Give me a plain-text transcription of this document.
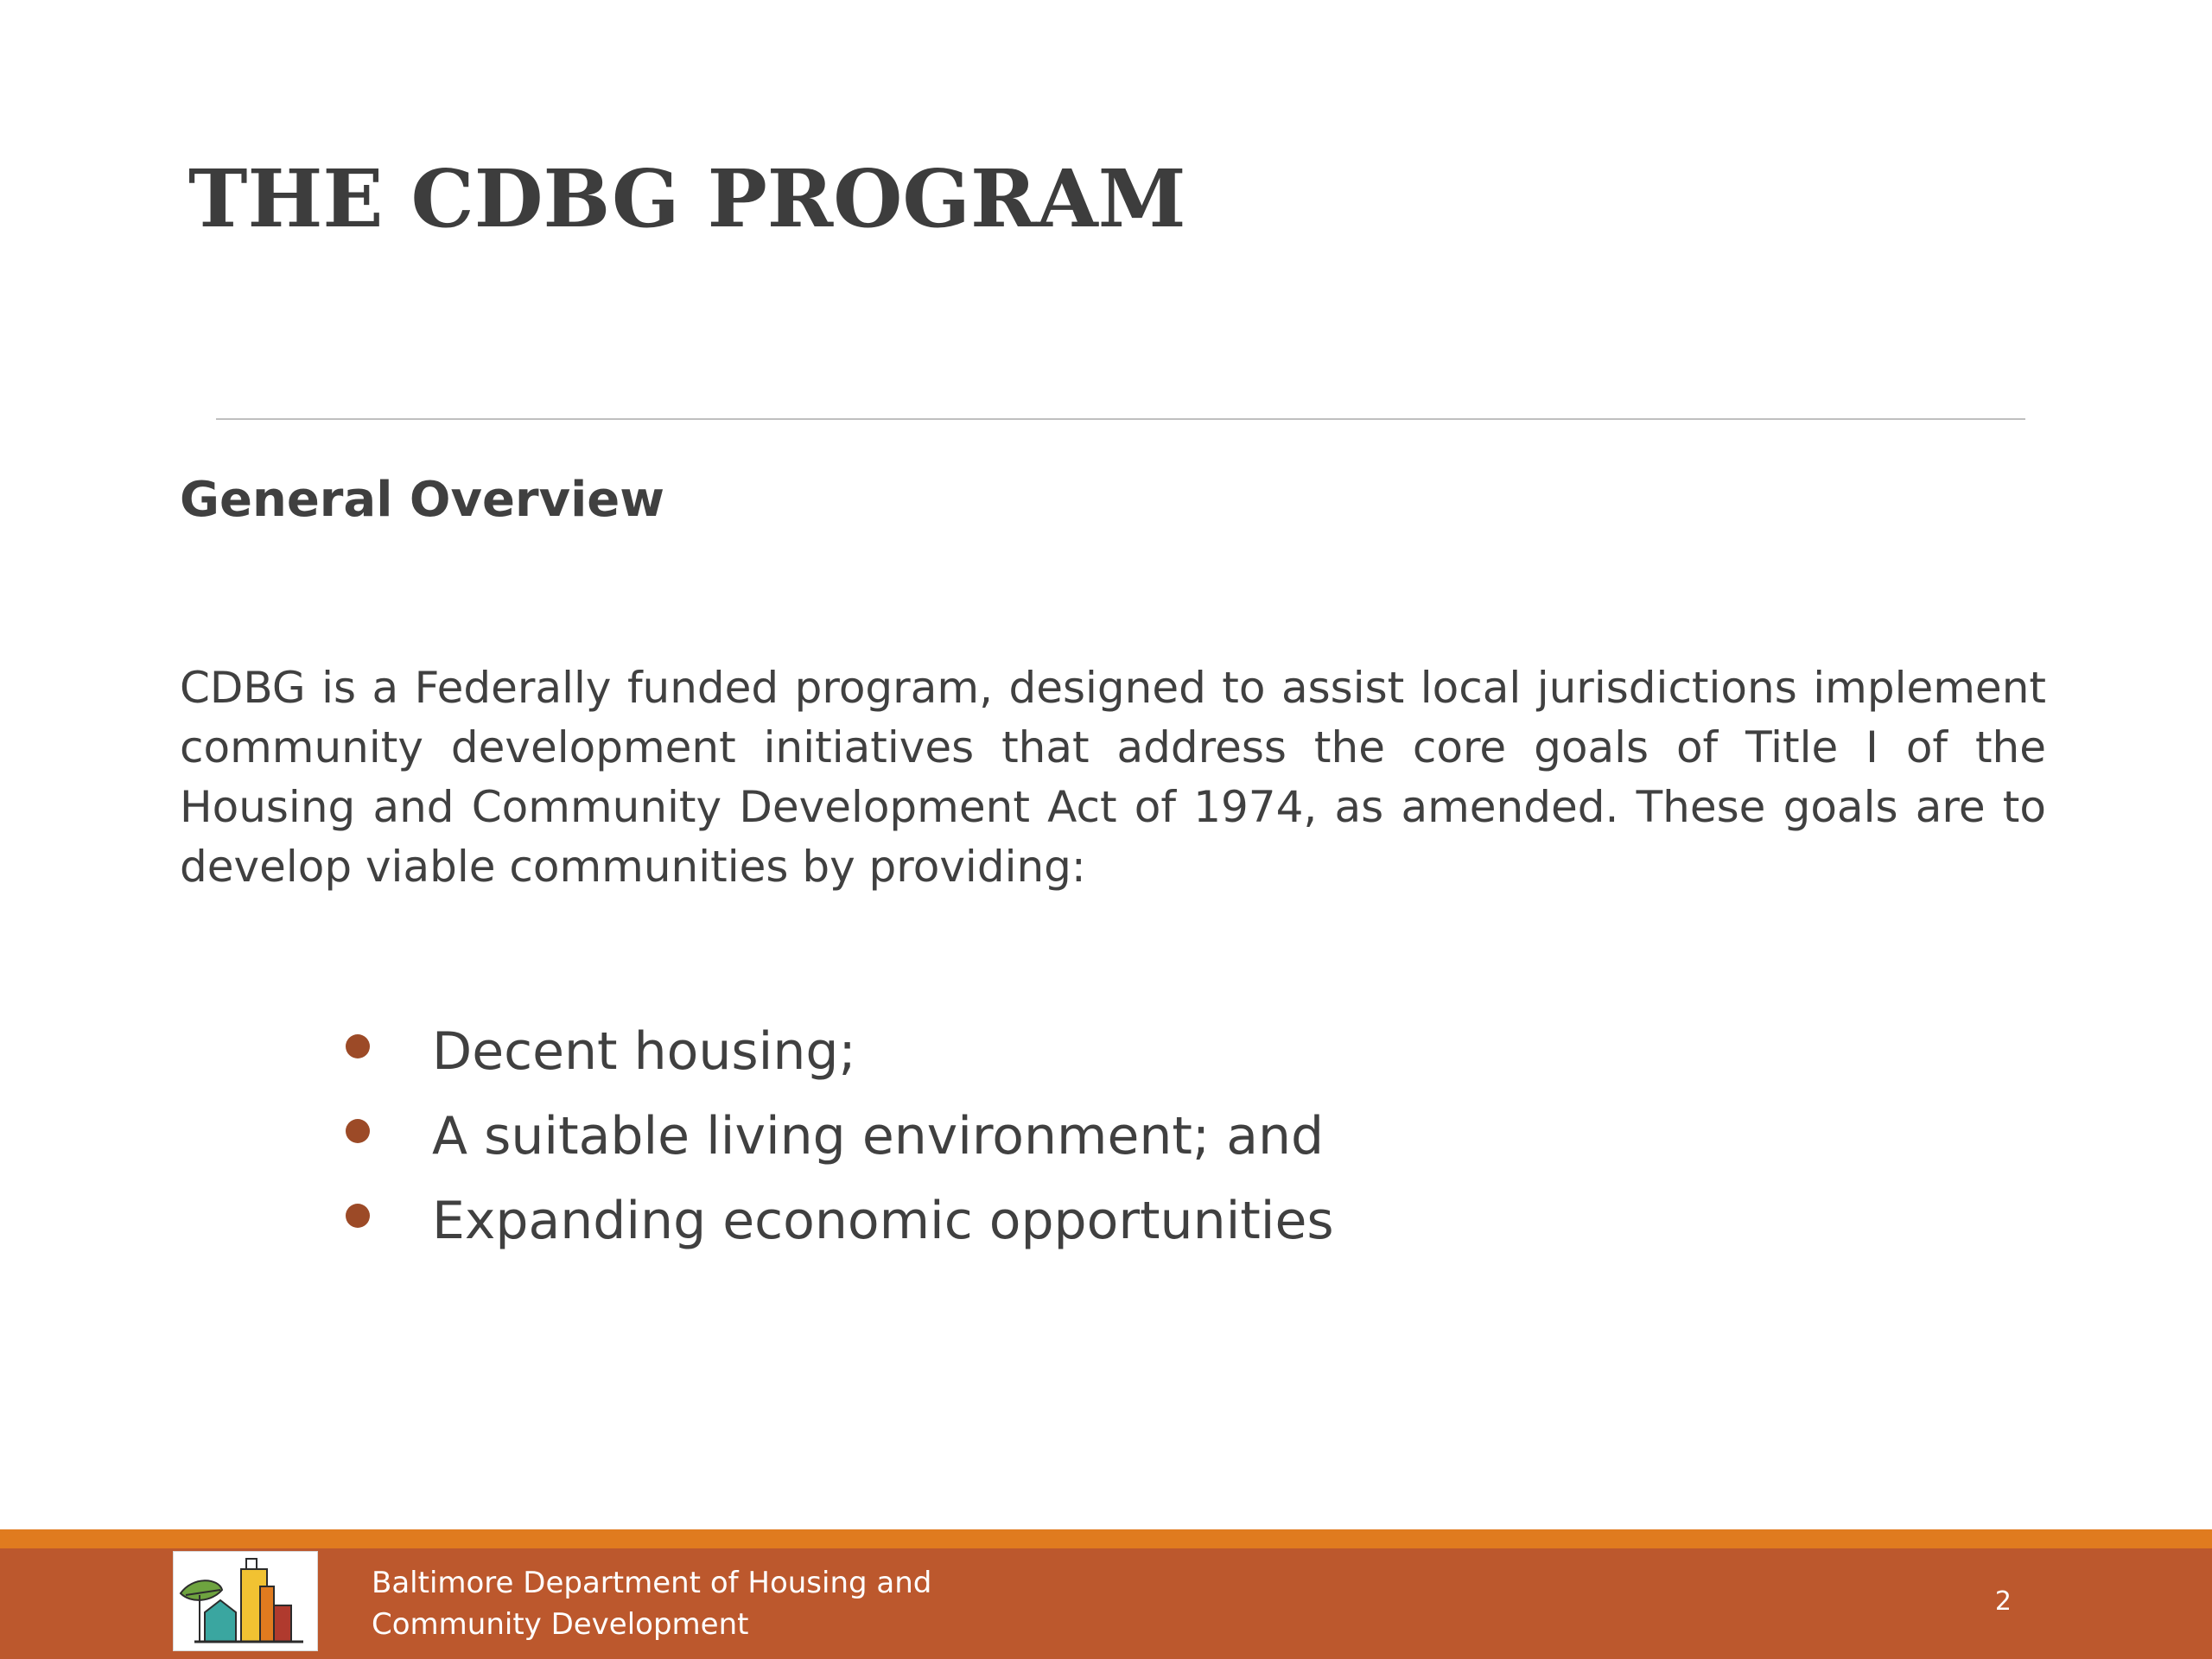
THE CDBG PROGRAM
General Overview

CDBG is a Federally funded program, designed to assist local jurisdictions implement community development initiatives that address the core goals of Title I of the Housing and Community Development Act of 1974, as amended. These goals are to develop viable communities by providing:

Decent housing;
A suitable living environment; and
Expanding economic opportunities

Baltimore Department of Housing and
Community Development

2
